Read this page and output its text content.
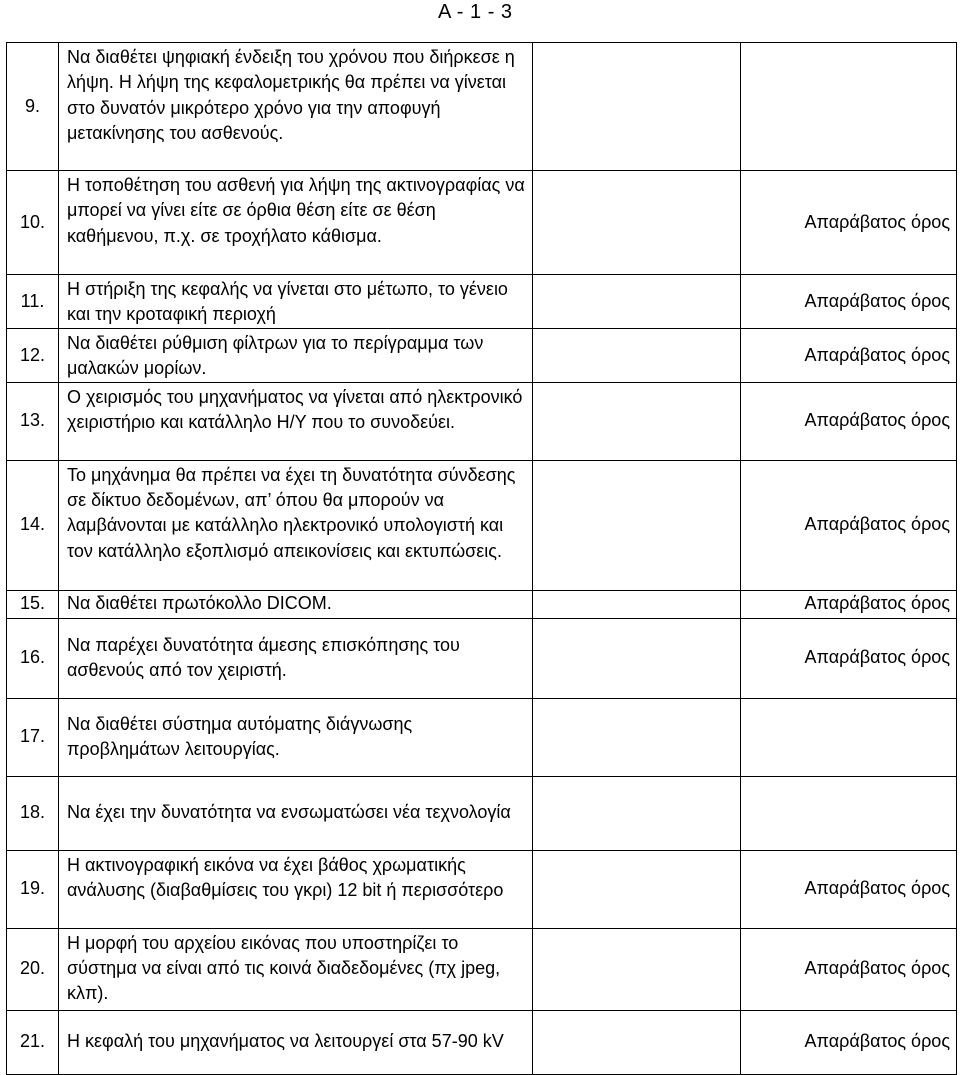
A - 1 - 3
9.	Να διαθέτει ψηφιακή ένδειξη του χρόνου που διήρκεσε η λήψη. Η λήψη της κεφαλομετρικής θα πρέπει να γίνεται στο δυνατόν μικρότερο χρόνο για την αποφυγή μετακίνησης του ασθενούς.		

10.	Η τοποθέτηση του ασθενή για λήψη της ακτινογραφίας να μπορεί να γίνει είτε σε όρθια θέση είτε σε θέση καθήμενου, π.χ. σε τροχήλατο κάθισμα.		Απαράβατος όρος
11.	Η στήριξη της κεφαλής να γίνεται στο μέτωπο, το γένειο και την κροταφική περιοχή		Απαράβατος όρος
12.	Να διαθέτει ρύθμιση φίλτρων για το περίγραμμα των μαλακών μορίων.		Απαράβατος όρος
13.	Ο χειρισμός του μηχανήματος να γίνεται από ηλεκτρονικό χειριστήριο και κατάλληλο Η/Υ που το συνοδεύει.		Απαράβατος όρος
14.	Το μηχάνημα θα πρέπει να έχει τη δυνατότητα σύνδεσης σε δίκτυο δεδομένων, απ’ όπου θα μπορούν να λαμβάνονται με κατάλληλο ηλεκτρονικό υπολογιστή και τον κατάλληλο εξοπλισμό απεικονίσεις και εκτυπώσεις.		Απαράβατος όρος
15.	Να διαθέτει πρωτόκολλο DICOM.		Απαράβατος όρος
16.	Να παρέχει δυνατότητα άμεσης επισκόπησης του ασθενούς από τον χειριστή.		Απαράβατος όρος
17.	Να διαθέτει σύστημα αυτόματης διάγνωσης προβλημάτων λειτουργίας.		

18.	Να έχει την δυνατότητα να ενσωματώσει νέα τεχνολογία		

19.	Η ακτινογραφική εικόνα να έχει βάθος χρωματικής ανάλυσης (διαβαθμίσεις του γκρι) 12 bit ή περισσότερο		Απαράβατος όρος
20.	Η μορφή του αρχείου εικόνας που υποστηρίζει το σύστημα να είναι από τις κοινά διαδεδομένες (πχ jpeg, κλπ).		Απαράβατος όρος
21.	Η κεφαλή του μηχανήματος να λειτουργεί στα 57-90 kV		Απαράβατος όρος
